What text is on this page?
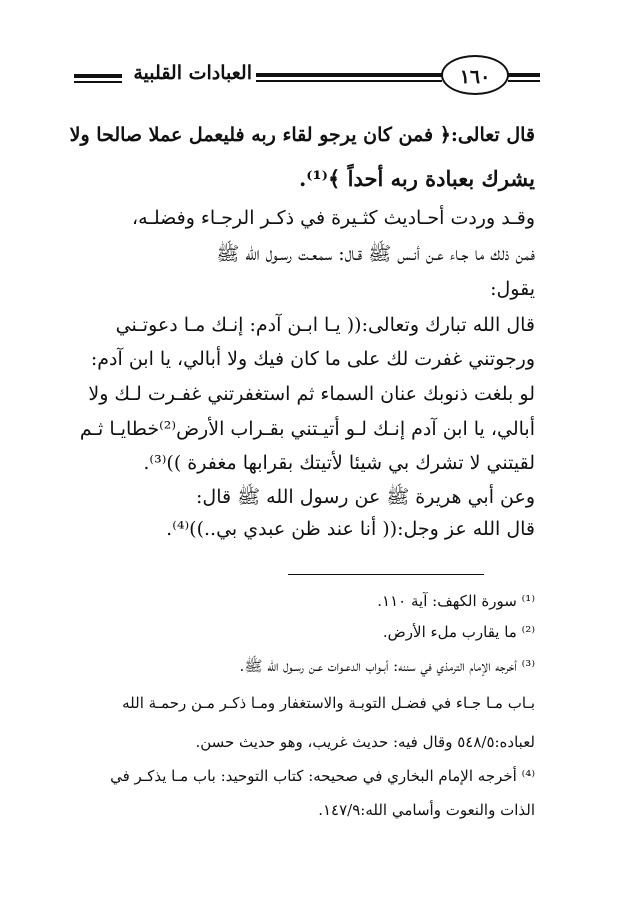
العبادات القلبية	١٦٠
قال تعالى:﴿ فمن كان يرجو لقاء ربه فليعمل عملا صالحا ولا
يشرك بعبادة ربه أحداً ﴾⁽¹⁾.
وقـد وردت أحـاديث كثـيرة في ذكـر الرجـاء وفضلـه،
فمن ذلك ما جـاء عـن أنـس ﷺ قـال: سمعـت رسـول الله ﷺ
يقول:
قال الله تبارك وتعالى:(( يـا ابـن آدم: إنـك مـا دعوتـني
ورجوتني غفرت لك على ما كان فيك ولا أبالي، يا ابن آدم:
لو بلغت ذنوبك عنان السماء ثم استغفرتني غفـرت لـك ولا
أبالي، يا ابن آدم إنـك لـو أتيـتني بقـراب الأرض⁽²⁾خطايـا ثـم
لقيتني لا تشرك بي شيئا لأتيتك بقرابها مغفرة ))⁽³⁾.
وعن أبي هريرة ﷺ عن رسول الله ﷺ قال:
قال الله عز وجل:(( أنا عند ظن عبدي بي..))⁽⁴⁾.
⁽¹⁾ سورة الكهف: آية ١١٠.
⁽²⁾ ما يقارب ملء الأرض.
⁽³⁾ أخرجه الإمام الترمذي في سننه: أبـواب الدعـوات عـن رسـول الله ﷺ.
بـاب مـا جـاء في فضـل التوبـة والاستغفار ومـا ذكـر مـن رحمـة الله
لعباده:٥٤٨/٥ وقال فيه: حديث غريب، وهو حديث حسن.
⁽⁴⁾ أخرجه الإمام البخاري في صحيحه: كتاب التوحيد: باب مـا يذكـر في
الذات والنعوت وأسامي الله:١٤٧/٩.
